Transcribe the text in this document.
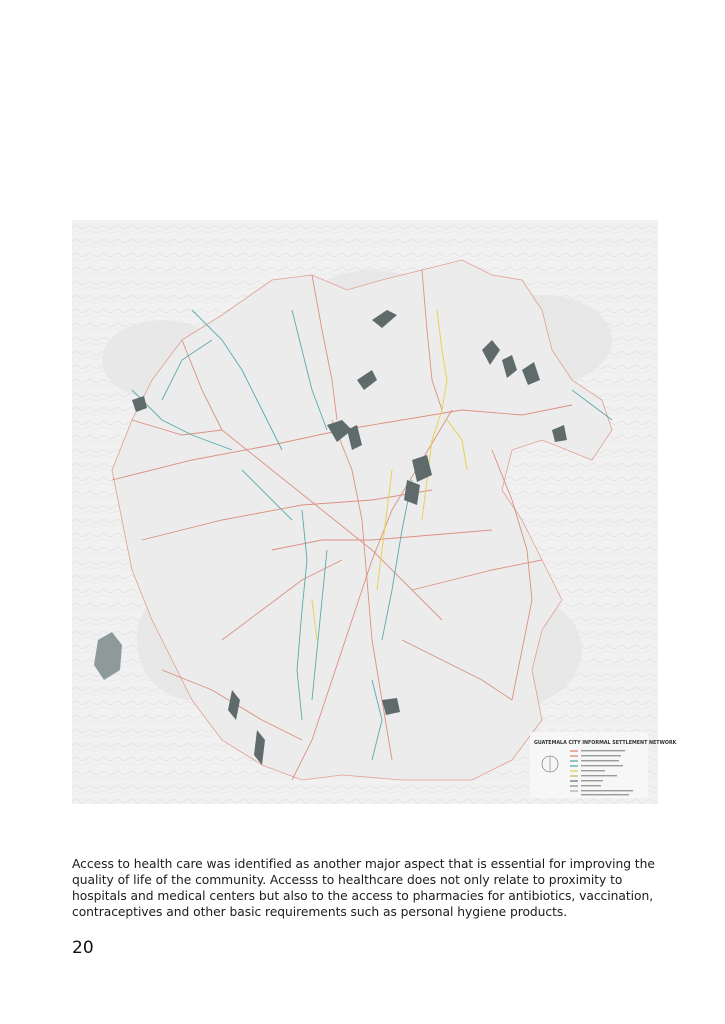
GUATEMALA CITY INFORMAL SETTLEMENT NETWORK

Access to health care was identified as another major aspect that is essential for improving the quality of life of the community. Accesss to healthcare does not only relate to proximity to hospitals and medical centers but also to the access to pharmacies for antibiotics, vaccination, contraceptives and other basic requirements such as personal hygiene products.

20
